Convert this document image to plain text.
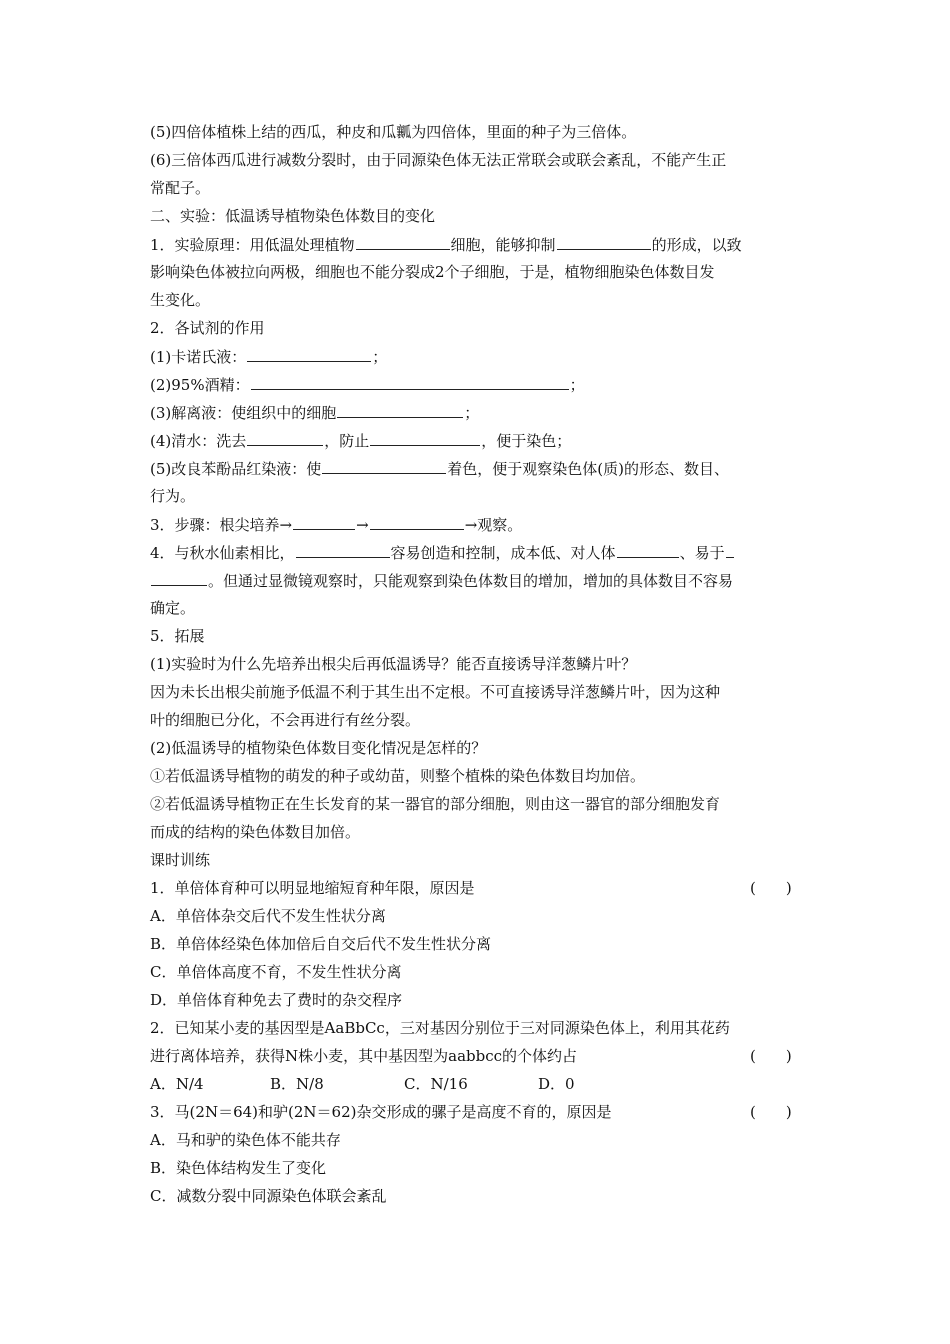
(5)四倍体植株上结的西瓜，种皮和瓜瓤为四倍体，里面的种子为三倍体。
(6)三倍体西瓜进行减数分裂时，由于同源染色体无法正常联会或联会紊乱，不能产生正
常配子。
二、实验：低温诱导植物染色体数目的变化
1．实验原理：用低温处理植物	细胞，能够抑制	的形成，以致
影响染色体被拉向两极，细胞也不能分裂成2个子细胞，于是，植物细胞染色体数目发
生变化。
2．各试剂的作用
(1)卡诺氏液：	；
(2)95%酒精：	；
(3)解离液：使组织中的细胞	；
(4)清水：洗去	，防止	，便于染色；
(5)改良苯酚品红染液：使	着色，便于观察染色体(质)的形态、数目、
行为。
3．步骤：根尖培养→	→	→观察。
4．与秋水仙素相比，	容易创造和控制，成本低、对人体	、易于
。但通过显微镜观察时，只能观察到染色体数目的增加，增加的具体数目不容易
确定。
5．拓展
(1)实验时为什么先培养出根尖后再低温诱导？能否直接诱导洋葱鳞片叶？
因为未长出根尖前施予低温不利于其生出不定根。不可直接诱导洋葱鳞片叶，因为这种
叶的细胞已分化，不会再进行有丝分裂。
(2)低温诱导的植物染色体数目变化情况是怎样的？
①若低温诱导植物的萌发的种子或幼苗，则整个植株的染色体数目均加倍。
②若低温诱导植物正在生长发育的某一器官的部分细胞，则由这一器官的部分细胞发育
而成的结构的染色体数目加倍。
课时训练
1．单倍体育种可以明显地缩短育种年限，原因是	(　　)
A．单倍体杂交后代不发生性状分离
B．单倍体经染色体加倍后自交后代不发生性状分离
C．单倍体高度不育，不发生性状分离
D．单倍体育种免去了费时的杂交程序
2．已知某小麦的基因型是AaBbCc，三对基因分别位于三对同源染色体上，利用其花药
进行离体培养，获得N株小麦，其中基因型为aabbcc的个体约占	(　　)
A．N/4	B．N/8	C．N/16	D．0
3．马(2N＝64)和驴(2N＝62)杂交形成的骡子是高度不育的，原因是	(　　)
A．马和驴的染色体不能共存
B．染色体结构发生了变化
C．减数分裂中同源染色体联会紊乱
